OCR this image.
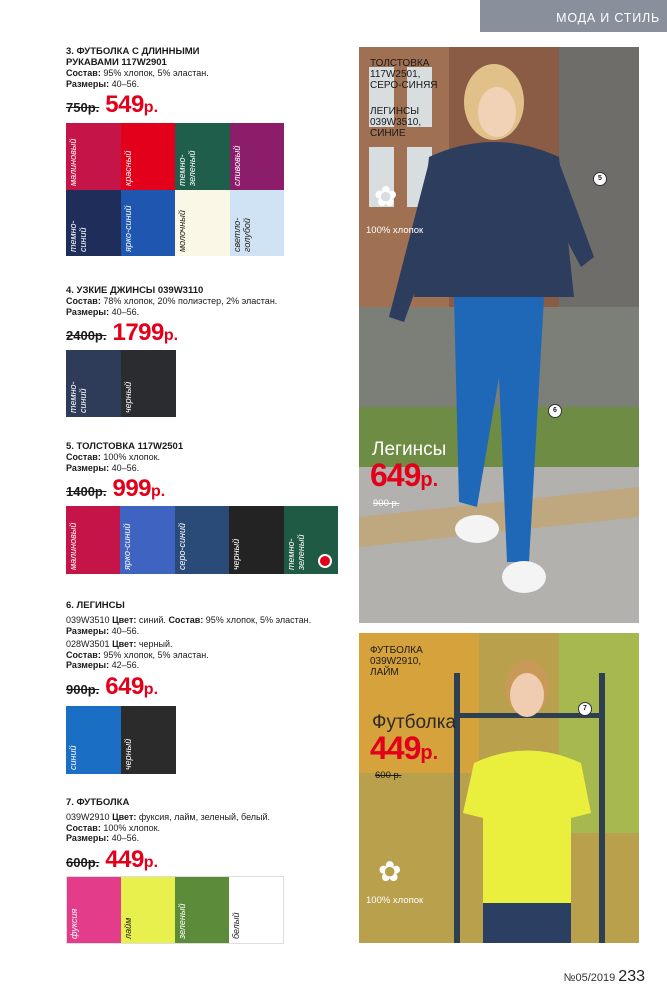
МОДА И СТИЛЬ

3. ФУТБОЛКА С ДЛИННЫМИ

РУКАВАМИ 117W2901

Состав: 95% хлопок, 5% эластан.

Размеры: 40–56.

750р. 549 р.
малиновый	красный	темно-
зеленый	сливовый
темно-
синий	ярко-синий	молочный	светло-
голубой

4. УЗКИЕ ДЖИНСЫ 039W3110

Состав: 78% хлопок, 20% полиэстер, 2% эластан.

Размеры: 40–56.

2400р. 1799 р.
темно-
синий	черный

5. ТОЛСТОВКА 117W2501

Состав: 100% хлопок.

Размеры: 40–56.

1400р. 999 р.
малиновый	ярко-синий	серо-синий	черный	темно-
зеленый

6. ЛЕГИНСЫ

039W3510 Цвет: синий. Состав: 95% хлопок, 5% эластан.

Размеры: 40–56.

028W3501 Цвет: черный.

Состав: 95% хлопок, 5% эластан.

Размеры: 42–56.

900р. 649 р.
синий	черный

7. ФУТБОЛКА

039W2910 Цвет: фуксия, лайм, зеленый, белый.

Состав: 100% хлопок.

Размеры: 40–56.

600р. 449 р.
фуксия	лайм	зеленый	белый
ТОЛСТОВКА
117W2501,
СЕРО-СИНЯЯ
ЛЕГИНСЫ
039W3510,
СИНИЕ
✿
100% хлопок
5
6
Легинсы
649р.
900 р.
ФУТБОЛКА
039W2910,
ЛАЙМ
7
Футболка
449р.
600 р.
✿
100% хлопок
№05/2019 233
